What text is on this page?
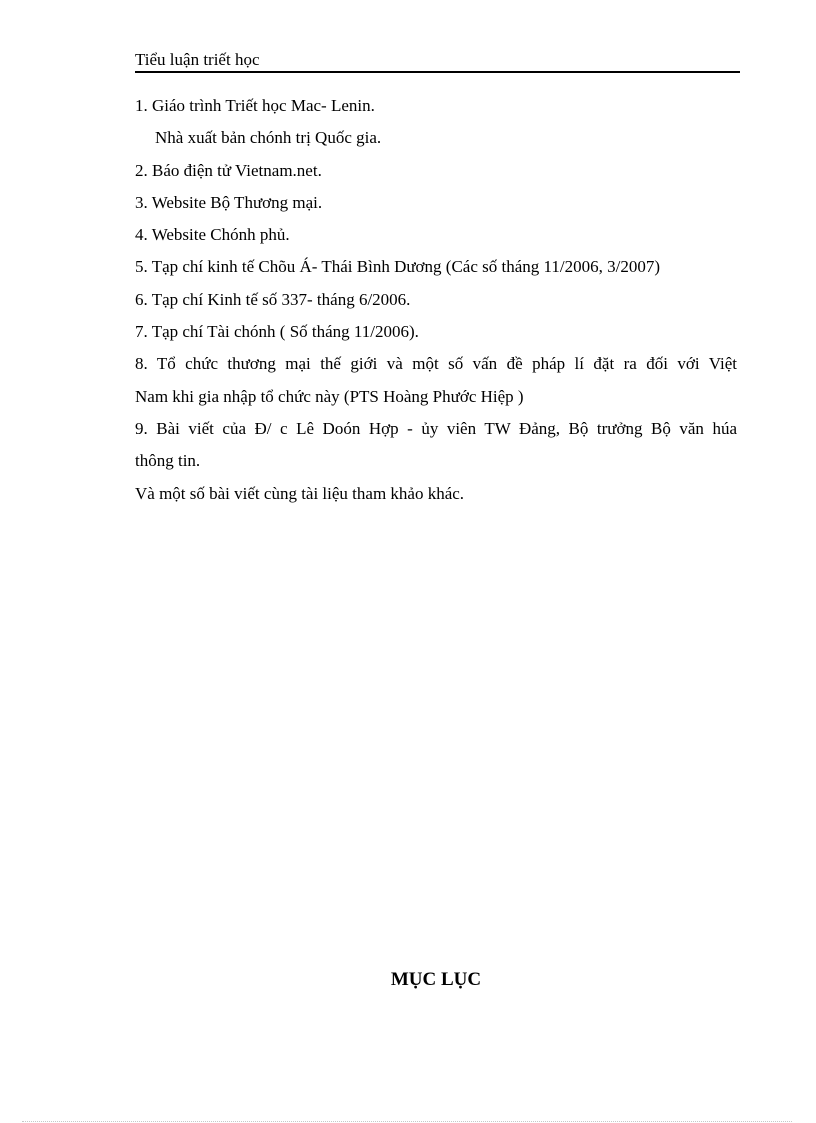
Tiểu luận triết học
1. Giáo trình Triết học Mac- Lenin.
Nhà xuất bản chónh trị Quốc gia.
2. Báo điện tử Vietnam.net.
3. Website Bộ Thương mại.
4. Website Chónh phủ.
5. Tạp chí kinh tế Chõu Á- Thái Bình Dương (Các số tháng 11/2006, 3/2007)
6. Tạp chí Kinh tế số 337- tháng 6/2006.
7. Tạp chí Tài chónh ( Số tháng 11/2006).
8. Tổ chức thương mại thế giới và một số vấn đề pháp lí đặt ra đối với Việt
Nam khi gia nhập tổ chức này (PTS Hoàng Phước Hiệp )
9. Bài viết của Đ/ c Lê Doón Hợp - ủy viên TW Đảng, Bộ trưởng Bộ văn húa
thông tin.
Và một số bài viết cùng tài liệu tham khảo khác.
MỤC LỤC
